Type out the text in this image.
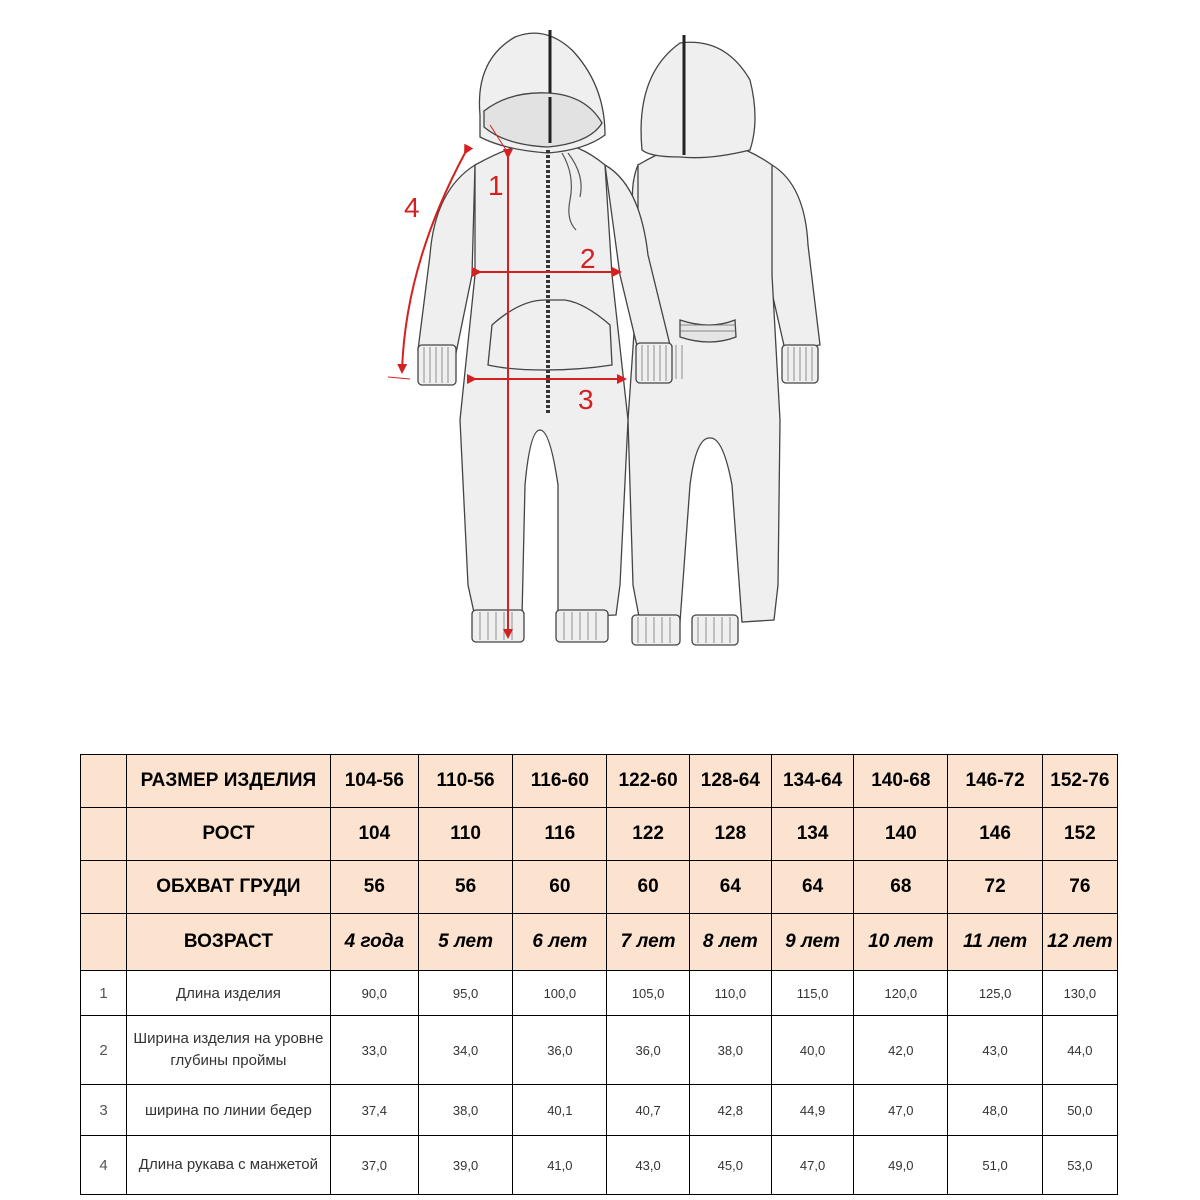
1
2
3
4
	РАЗМЕР ИЗДЕЛИЯ	104-56	110-56	116-60	122-60	128-64	134-64	140-68	146-72	152-76
	РОСТ	104	110	116	122	128	134	140	146	152
	ОБХВАТ ГРУДИ	56	56	60	60	64	64	68	72	76
	ВОЗРАСТ	4 года	5 лет	6 лет	7 лет	8 лет	9 лет	10 лет	11 лет	12 лет
1	Длина изделия	90,0	95,0	100,0	105,0	110,0	115,0	120,0	125,0	130,0
2	Ширина изделия на уровне глубины проймы	33,0	34,0	36,0	36,0	38,0	40,0	42,0	43,0	44,0
3	ширина по линии бедер	37,4	38,0	40,1	40,7	42,8	44,9	47,0	48,0	50,0
4	Длина рукава с манжетой	37,0	39,0	41,0	43,0	45,0	47,0	49,0	51,0	53,0
